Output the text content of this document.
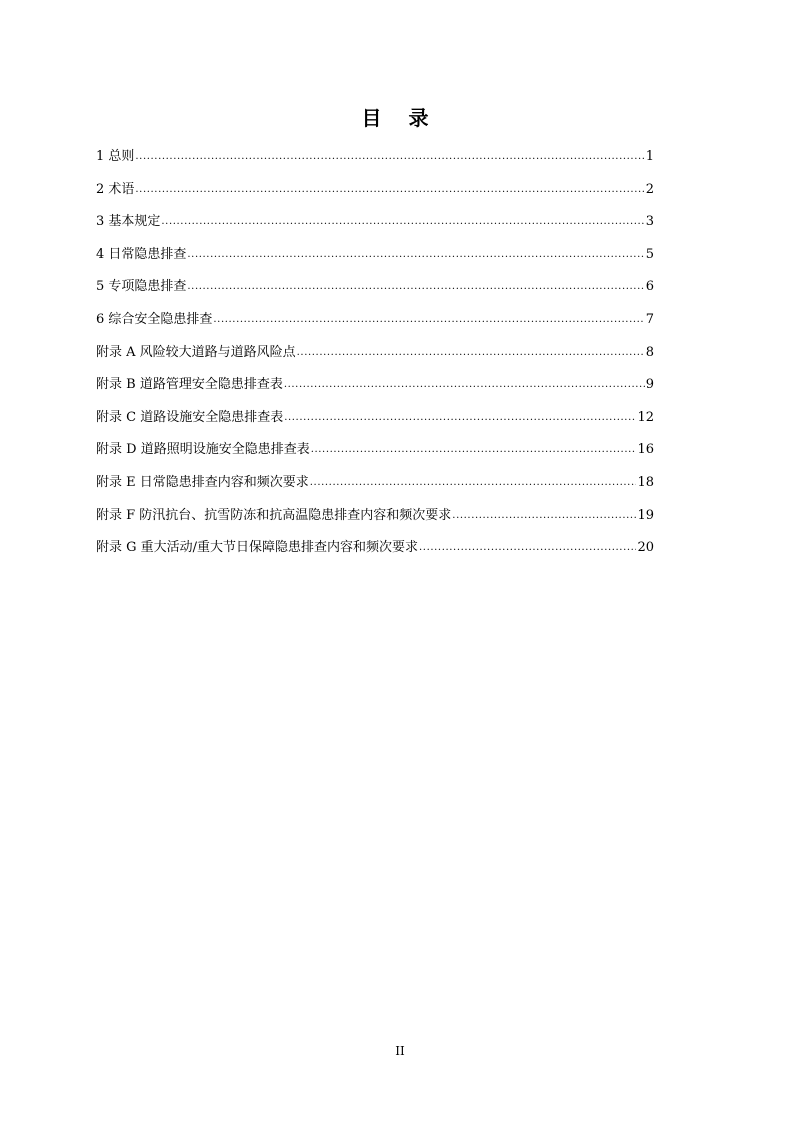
目 录
1 总则 .....	1
2 术语 .....	2
3 基本规定 .....	3
4 日常隐患排查 .....	5
5 专项隐患排查 .....	6
6 综合安全隐患排查 .....	7
附录 A 风险较大道路与道路风险点 .....	8
附录 B 道路管理安全隐患排查表 .....	9
附录 C 道路设施安全隐患排查表 .....	12
附录 D 道路照明设施安全隐患排查表 .....	16
附录 E 日常隐患排查内容和频次要求 .....	18
附录 F 防汛抗台、抗雪防冻和抗高温隐患排查内容和频次要求 .....	19
附录 G 重大活动/重大节日保障隐患排查内容和频次要求 .....	20
II
